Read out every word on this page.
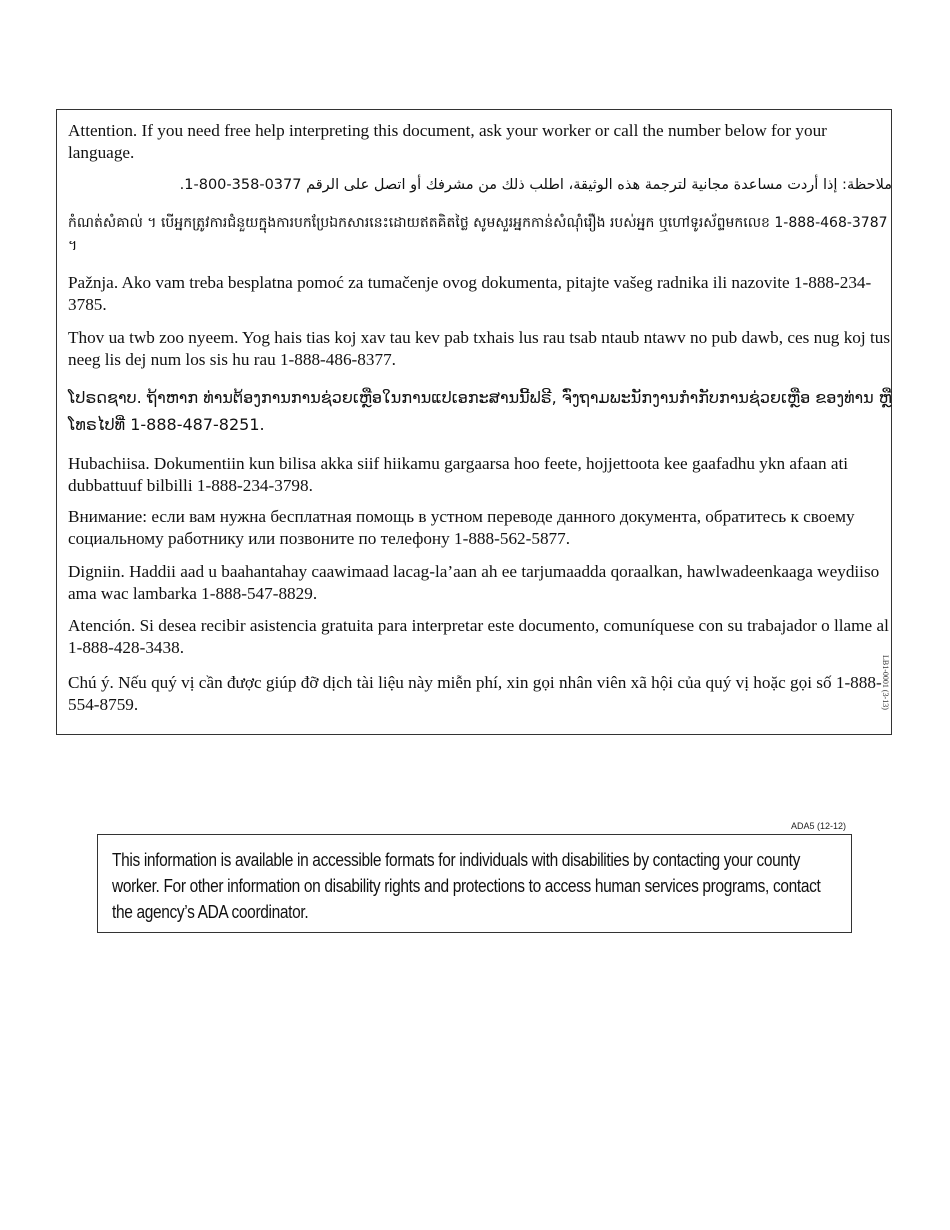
Attention. If you need free help interpreting this document, ask your worker or call the number below for your language.

ملاحظة: إذا أردت مساعدة مجانية لترجمة هذه الوثيقة، اطلب ذلك من مشرفك أو اتصل على الرقم 0377-358-800-1.

កំណត់សំគាល់ ។ បើអ្នកត្រូវការជំនួយក្នុងការបកប្រែឯកសារនេះដោយឥតគិតថ្លៃ សូមសួរអ្នកកាន់សំណុំរឿង របស់អ្នក ឬហៅទូរស័ព្ទមកលេខ 1-888-468-3787 ។

Pažnja. Ako vam treba besplatna pomoć za tumačenje ovog dokumenta, pitajte vašeg radnika ili nazovite 1-888-234-3785.

Thov ua twb zoo nyeem. Yog hais tias koj xav tau kev pab txhais lus rau tsab ntaub ntawv no pub dawb, ces nug koj tus neeg lis dej num los sis hu rau 1-888-486-8377.

ໂປຣດຊາບ. ຖ້າຫາກ ທ່ານຕ້ອງການການຊ່ວຍເຫຼືອໃນການແປເອກະສານນີ້ຟຣີ, ຈົ່ງຖາມພະນັກງານກຳກັບການຊ່ວຍເຫຼືອ ຂອງທ່ານ ຫຼື ໂທຣໄປທີ່ 1-888-487-8251.

Hubachiisa. Dokumentiin kun bilisa akka siif hiikamu gargaarsa hoo feete, hojjettoota kee gaafadhu ykn afaan ati dubbattuuf bilbilli 1-888-234-3798.

Внимание: если вам нужна бесплатная помощь в устном переводе данного документа, обратитесь к своему социальному работнику или позвоните по телефону 1-888-562-5877.

Digniin. Haddii aad u baahantahay caawimaad lacag-la’aan ah ee tarjumaadda qoraalkan, hawlwadeenkaaga weydiiso ama wac lambarka 1-888-547-8829.

Atención. Si desea recibir asistencia gratuita para interpretar este documento, comuníquese con su trabajador o llame al 1-888-428-3438.

Chú ý. Nếu quý vị cần được giúp đỡ dịch tài liệu này miễn phí, xin gọi nhân viên xã hội của quý vị hoặc gọi số 1-888-554-8759.	LB1-0001 (3-13)
ADA5 (12-12)

This information is available in accessible formats for individuals with disabilities by contacting your county worker. For other information on disability rights and protections to access human services programs, contact the agency’s ADA coordinator.
